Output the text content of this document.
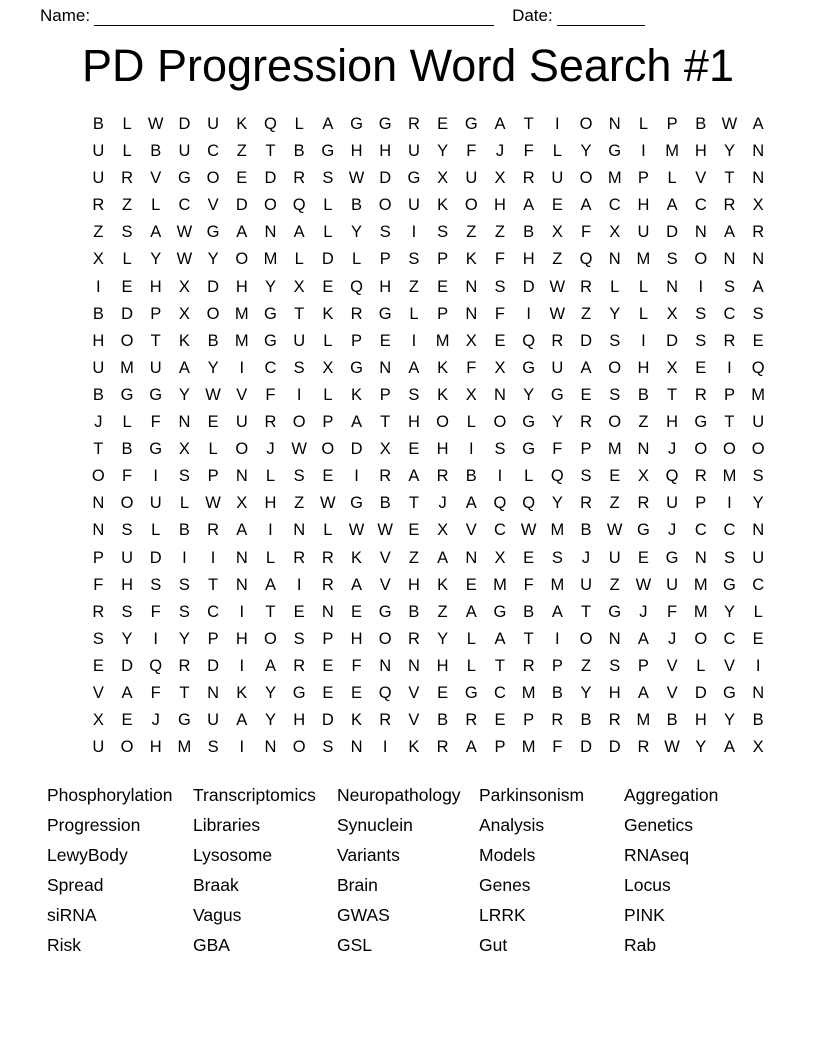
Name:	Date:
PD Progression Word Search #1
B	L W D	U	K	Q	L	A	G G R	E	G	A	T	I	O N	L	P	B W A
U	L	B	U	C	Z	T	B	G H	H	U	Y	F	J	F	L	Y	G	I	M H	Y	N
U	R	V	G O	E	D	R	S W D G	X	U	X	R	U O M P	L	V	T	N
R	Z	L	C	V	D O Q	L	B	O U	K	O H	A	E	A	C	H	A	C	R	X
Z	S	A W G	A	N	A	L	Y	S	I	S	Z	Z	B	X	F	X	U	D	N	A	R
X	L	Y W Y	O M	L	D	L	P	S	P	K	F	H	Z	Q N M S	O N	N
I	E	H	X	D	H	Y	X	E	Q H	Z	E	N	S	D W R	L	L	N	I	S	A
B	D	P	X	O M G	T	K	R G	L	P	N	F	I	W Z	Y	L	X	S	C	S
H O	T	K	B M G U	L	P	E	I	M X	E	Q R	D	S	I	D	S	R	E
U M U	A	Y	I	C	S	X	G N	A	K	F	X	G U	A	O H	X	E	I	Q
B	G G	Y W V	F	I	L	K	P	S	K	X	N	Y	G	E	S	B	T	R	P M
J	L	F	N	E	U	R O	P	A	T	H O	L	O G	Y	R O	Z	H G	T	U
T	B	G	X	L	O	J	W O D	X	E	H	I	S	G	F	P M N	J	O O O
O	F	I	S	P	N	L	S	E	I	R	A	R	B	I	L	Q	S	E	X	Q R M S
N O U	L W X	H	Z W G	B	T	J	A	Q Q	Y	R	Z	R	U	P	I	Y
N	S	L	B	R	A	I	N	L W W E	X	V	C W M B W G	J	C	C	N
P	U	D	I	I	N	L	R	R	K	V	Z	A	N	X	E	S	J	U	E	G N	S	U
F	H	S	S	T	N	A	I	R	A	V	H	K	E M	F	M U	Z W U M G C
R	S	F	S	C	I	T	E	N	E	G	B	Z	A	G	B	A	T	G	J	F	M Y	L
S	Y	I	Y	P	H O	S	P	H O R	Y	L	A	T	I	O N	A	J	O C	E
E	D Q R	D	I	A	R	E	F	N	N	H	L	T	R	P	Z	S	P	V	L	V	I
V	A	F	T	N	K	Y	G	E	E	Q	V	E	G C M B	Y	H	A	V	D G N
X	E	J	G U	A	Y	H	D	K	R	V	B	R	E	P	R	B	R M B	H	Y	B
U O H M S	I	N O	S	N	I	K	R	A	P M	F	D	D	R W Y	A	X
Phosphorylation	Transcriptomics	Neuropathology	Parkinsonism	Aggregation
Progression	Libraries	Synuclein	Analysis	Genetics
LewyBody	Lysosome	Variants	Models	RNAseq
Spread	Braak	Brain	Genes	Locus
siRNA	Vagus	GWAS	LRRK	PINK
Risk	GBA	GSL	Gut	Rab
